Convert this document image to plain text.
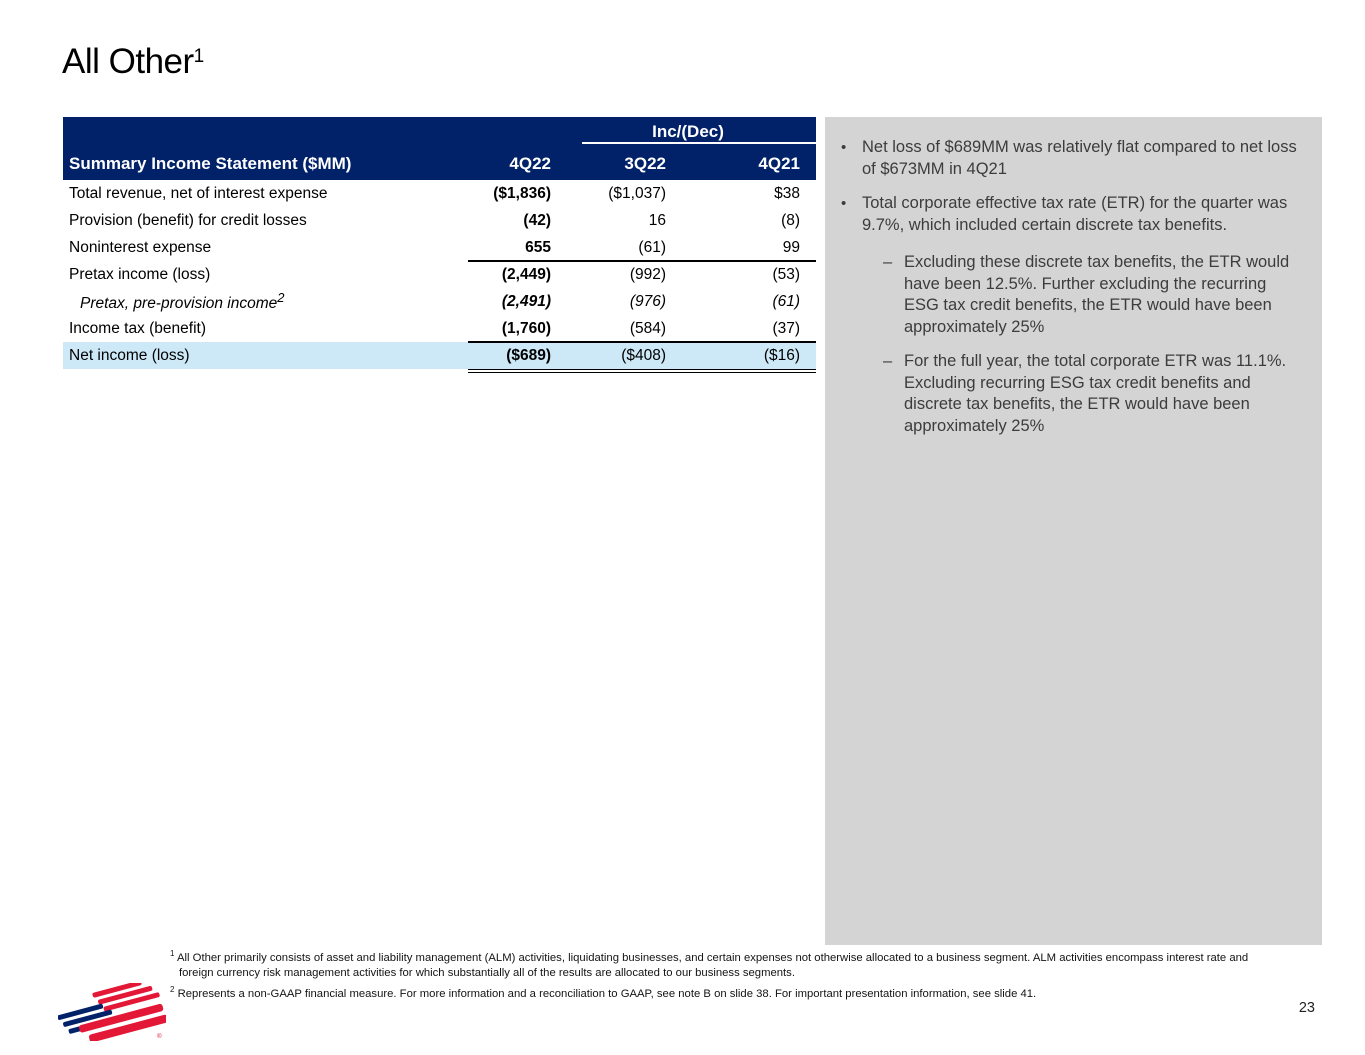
All Other$^1$
		Inc/(Dec)	
Summary Income Statement ($MM)	4Q22	3Q22	4Q21
Total revenue, net of interest expense	($1,836)	($1,037)	$38
Provision (benefit) for credit losses	(42)	16	(8)
Noninterest expense	655	(61)	99
Pretax income (loss)	(2,449)	(992)	(53)
Pretax, pre-provision income$^2$	(2,491)	(976)	(61)
Income tax (benefit)	(1,760)	(584)	(37)
Net income (loss)	($689)	($408)	($16)
•
Net loss of $689MM was relatively flat compared to net loss of $673MM in 4Q21
•
Total corporate effective tax rate (ETR) for the quarter was 9.7%, which included certain discrete tax benefits.
–
Excluding these discrete tax benefits, the ETR would have been 12.5%. Further excluding the recurring ESG tax credit benefits, the ETR would have been approximately 25%
–
For the full year, the total corporate ETR was 11.1%. Excluding recurring ESG tax credit benefits and discrete tax benefits, the ETR would have been approximately 25%

$^1$ All Other primarily consists of asset and liability management (ALM) activities, liquidating businesses, and certain expenses not otherwise allocated to a business segment. ALM activities encompass interest rate and foreign currency risk management activities for which substantially all of the results are allocated to our business segments.

$^2$ Represents a non-GAAP financial measure. For more information and a reconciliation to GAAP, see note B on slide 38. For important presentation information, see slide 41.

®
23
